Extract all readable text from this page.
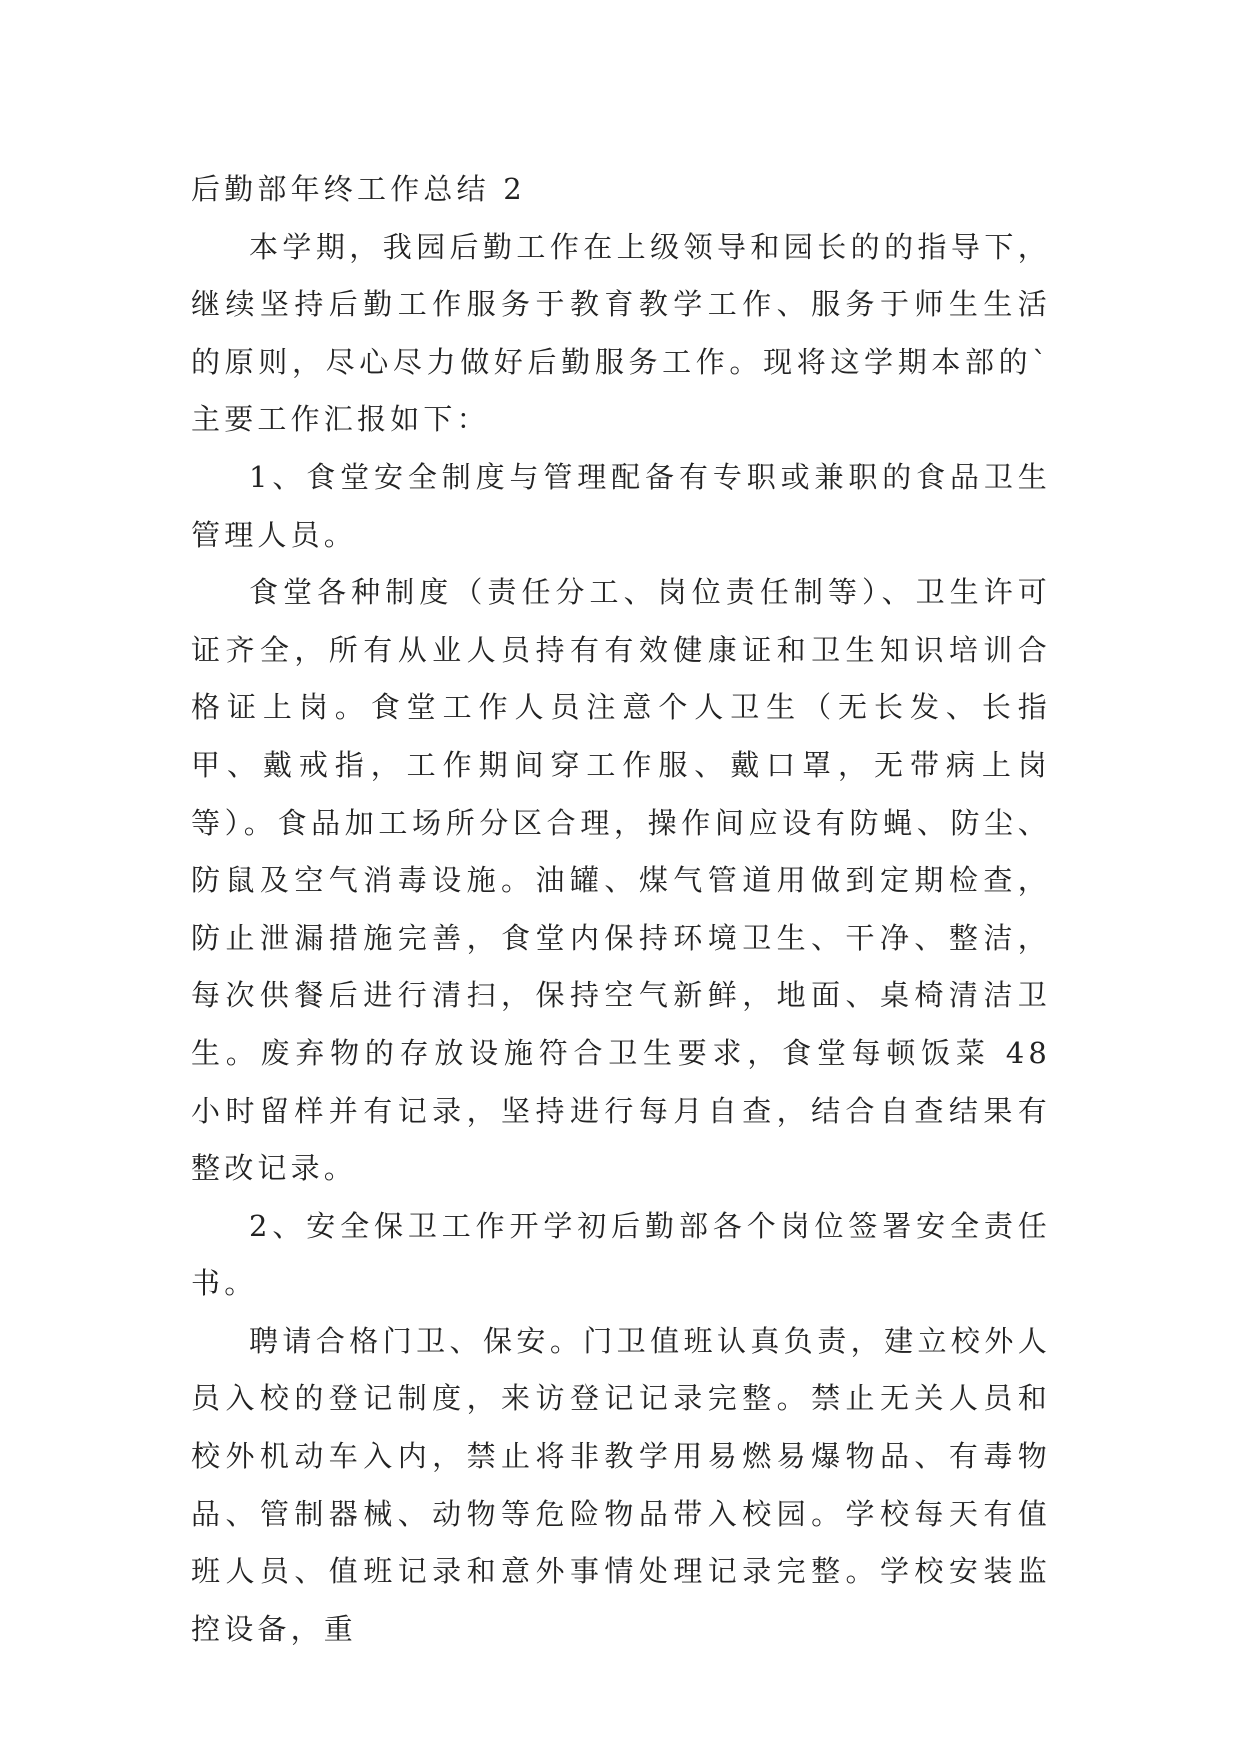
后勤部年终工作总结 2

本学期，我园后勤工作在上级领导和园长的的指导下，继续坚持后勤工作服务于教育教学工作、服务于师生生活的原则，尽心尽力做好后勤服务工作。现将这学期本部的`主要工作汇报如下：

1、食堂安全制度与管理配备有专职或兼职的食品卫生管理人员。

食堂各种制度（责任分工、岗位责任制等）、卫生许可证齐全，所有从业人员持有有效健康证和卫生知识培训合格证上岗。食堂工作人员注意个人卫生（无长发、长指甲、戴戒指，工作期间穿工作服、戴口罩，无带病上岗等）。食品加工场所分区合理，操作间应设有防蝇、防尘、防鼠及空气消毒设施。油罐、煤气管道用做到定期检查，防止泄漏措施完善，食堂内保持环境卫生、干净、整洁，每次供餐后进行清扫，保持空气新鲜，地面、桌椅清洁卫生。废弃物的存放设施符合卫生要求，食堂每顿饭菜 48 小时留样并有记录，坚持进行每月自查，结合自查结果有整改记录。

2、安全保卫工作开学初后勤部各个岗位签署安全责任书。

聘请合格门卫、保安。门卫值班认真负责，建立校外人员入校的登记制度，来访登记记录完整。禁止无关人员和校外机动车入内，禁止将非教学用易燃易爆物品、有毒物品、管制器械、动物等危险物品带入校园。学校每天有值班人员、值班记录和意外事情处理记录完整。学校安装监控设备，重
